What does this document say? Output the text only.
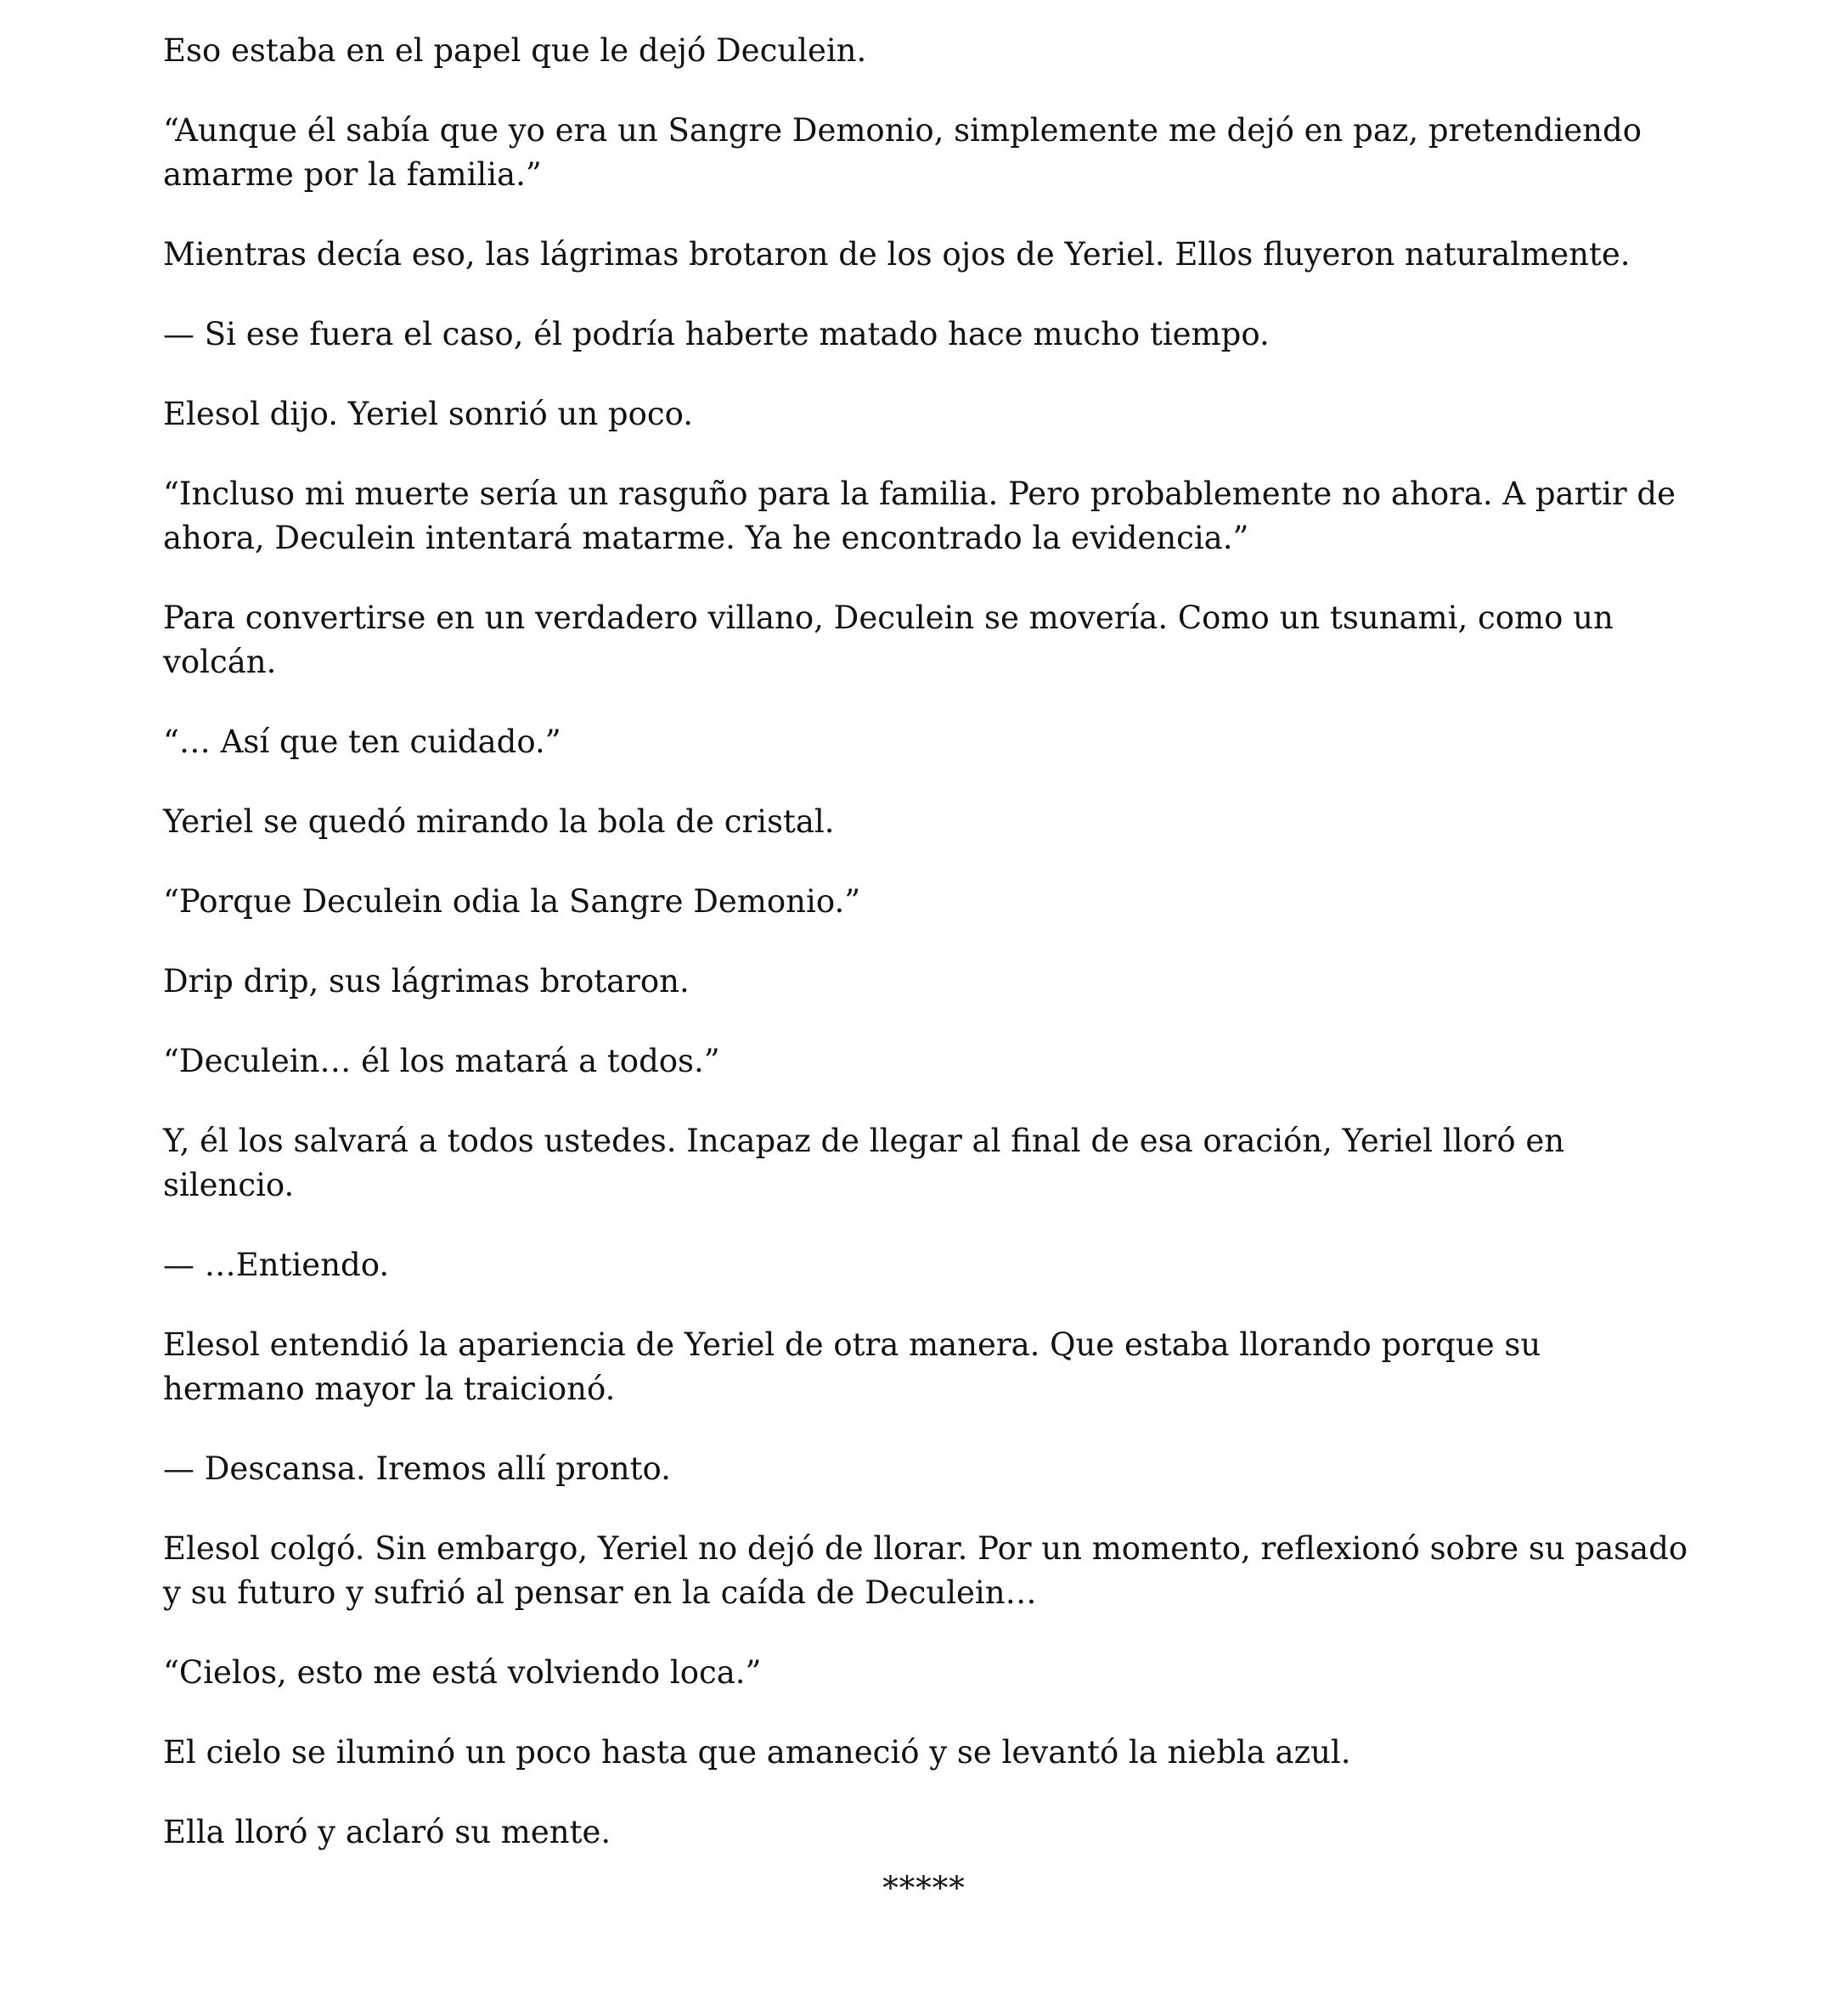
Eso estaba en el papel que le dejó Deculein.

“Aunque él sabía que yo era un Sangre Demonio, simplemente me dejó en paz, pretendiendo amarme por la familia.”

Mientras decía eso, las lágrimas brotaron de los ojos de Yeriel. Ellos fluyeron naturalmente.

— Si ese fuera el caso, él podría haberte matado hace mucho tiempo.

Elesol dijo. Yeriel sonrió un poco.

“Incluso mi muerte sería un rasguño para la familia. Pero probablemente no ahora. A partir de ahora, Deculein intentará matarme. Ya he encontrado la evidencia.”

Para convertirse en un verdadero villano, Deculein se movería. Como un tsunami, como un volcán.

“… Así que ten cuidado.”

Yeriel se quedó mirando la bola de cristal.

“Porque Deculein odia la Sangre Demonio.”

Drip drip, sus lágrimas brotaron.

“Deculein… él los matará a todos.”

Y, él los salvará a todos ustedes. Incapaz de llegar al final de esa oración, Yeriel lloró en silencio.

— …Entiendo.

Elesol entendió la apariencia de Yeriel de otra manera. Que estaba llorando porque su hermano mayor la traicionó.

— Descansa. Iremos allí pronto.

Elesol colgó. Sin embargo, Yeriel no dejó de llorar. Por un momento, reflexionó sobre su pasado y su futuro y sufrió al pensar en la caída de Deculein…

“Cielos, esto me está volviendo loca.”

El cielo se iluminó un poco hasta que amaneció y se levantó la niebla azul.

Ella lloró y aclaró su mente.

*****
